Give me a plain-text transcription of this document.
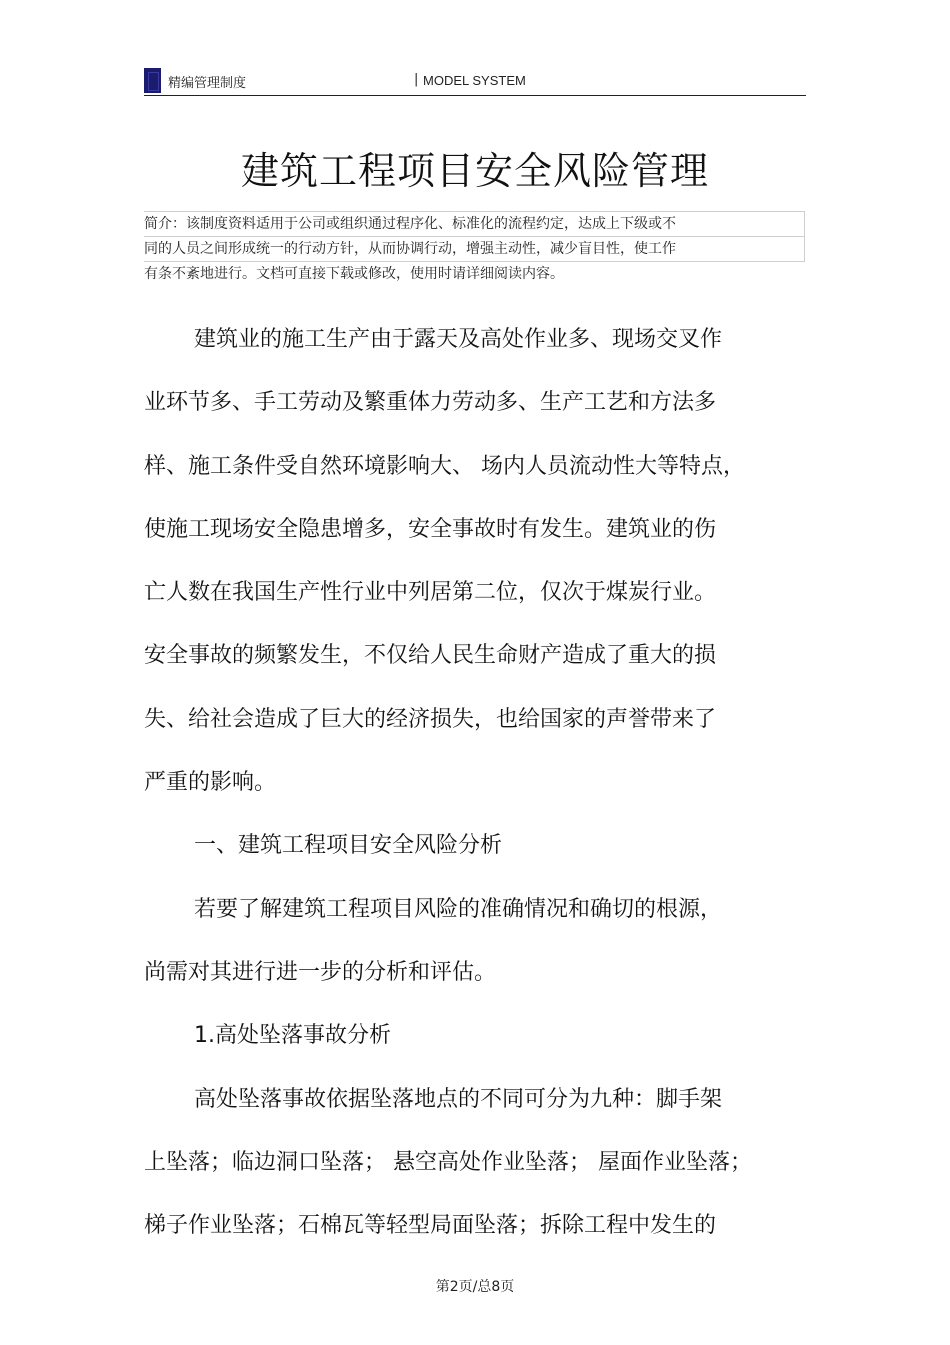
精编管理制度	| MODEL SYSTEM
建筑工程项目安全风险管理
简介：该制度资料适用于公司或组织通过程序化、标准化的流程约定，达成上下级或不
同的人员之间形成统一的行动方针，从而协调行动，增强主动性，减少盲目性，使工作
有条不紊地进行。文档可直接下载或修改，使用时请详细阅读内容。
建筑业的施工生产由于露天及高处作业多、现场交叉作
业环节多、手工劳动及繁重体力劳动多、生产工艺和方法多
样、施工条件受自然环境影响大、 场内人员流动性大等特点，
使施工现场安全隐患增多，安全事故时有发生。建筑业的伤
亡人数在我国生产性行业中列居第二位，仅次于煤炭行业。
安全事故的频繁发生，不仅给人民生命财产造成了重大的损
失、给社会造成了巨大的经济损失，也给国家的声誉带来了
严重的影响。
一、建筑工程项目安全风险分析
若要了解建筑工程项目风险的准确情况和确切的根源，
尚需对其进行进一步的分析和评估。
1.高处坠落事故分析
高处坠落事故依据坠落地点的不同可分为九种：脚手架
上坠落；临边洞口坠落； 悬空高处作业坠落； 屋面作业坠落；
梯子作业坠落；石棉瓦等轻型局面坠落；拆除工程中发生的
第2页/总8页
